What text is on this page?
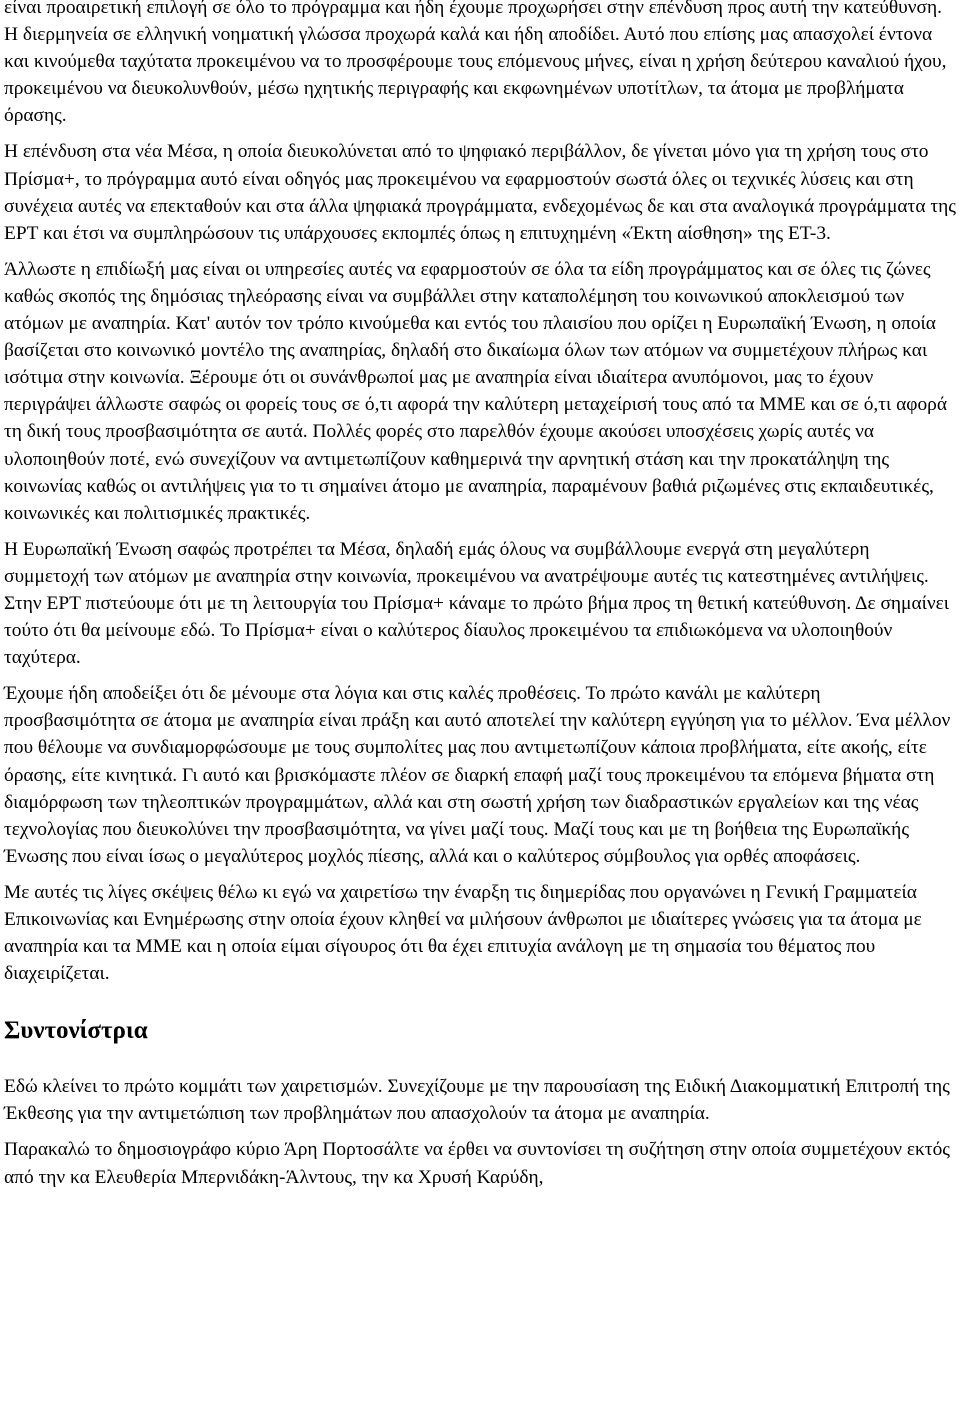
είναι προαιρετική επιλογή σε όλο το πρόγραμμα και ήδη έχουμε προχωρήσει στην επένδυση προς αυτή την κατεύθυνση. Η διερμηνεία σε ελληνική νοηματική γλώσσα προχωρά καλά και ήδη αποδίδει. Αυτό που επίσης μας απασχολεί έντονα και κινούμεθα ταχύτατα προκειμένου να το προσφέρουμε τους επόμενους μήνες, είναι η χρήση δεύτερου καναλιού ήχου, προκειμένου να διευκολυνθούν, μέσω ηχητικής περιγραφής και εκφωνημένων υποτίτλων, τα άτομα με προβλήματα όρασης.

Η επένδυση στα νέα Μέσα, η οποία διευκολύνεται από το ψηφιακό περιβάλλον, δε γίνεται μόνο για τη χρήση τους στο Πρίσμα+, το πρόγραμμα αυτό είναι οδηγός μας προκειμένου να εφαρμοστούν σωστά όλες οι τεχνικές λύσεις και στη συνέχεια αυτές να επεκταθούν και στα άλλα ψηφιακά προγράμματα, ενδεχομένως δε και στα αναλογικά προγράμματα της ΕΡΤ και έτσι να συμπληρώσουν τις υπάρχουσες εκπομπές όπως η επιτυχημένη «Έκτη αίσθηση» της ΕΤ-3.

Άλλωστε η επιδίωξή μας είναι οι υπηρεσίες αυτές να εφαρμοστούν σε όλα τα είδη προγράμματος και σε όλες τις ζώνες καθώς σκοπός της δημόσιας τηλεόρασης είναι να συμβάλλει στην καταπολέμηση του κοινωνικού αποκλεισμού των ατόμων με αναπηρία. Κατ' αυτόν τον τρόπο κινούμεθα και εντός του πλαισίου που ορίζει η Ευρωπαϊκή Ένωση, η οποία βασίζεται στο κοινωνικό μοντέλο της αναπηρίας, δηλαδή στο δικαίωμα όλων των ατόμων να συμμετέχουν πλήρως και ισότιμα στην κοινωνία. Ξέρουμε ότι οι συνάνθρωποί μας με αναπηρία είναι ιδιαίτερα ανυπόμονοι, μας το έχουν περιγράψει άλλωστε σαφώς οι φορείς τους σε ό,τι αφορά την καλύτερη μεταχείρισή τους από τα ΜΜΕ και σε ό,τι αφορά τη δική τους προσβασιμότητα σε αυτά. Πολλές φορές στο παρελθόν έχουμε ακούσει υποσχέσεις χωρίς αυτές να υλοποιηθούν ποτέ, ενώ συνεχίζουν να αντιμετωπίζουν καθημερινά την αρνητική στάση και την προκατάληψη της κοινωνίας καθώς οι αντιλήψεις για το τι σημαίνει άτομο με αναπηρία, παραμένουν βαθιά ριζωμένες στις εκπαιδευτικές, κοινωνικές και πολιτισμικές πρακτικές.

Η Ευρωπαϊκή Ένωση σαφώς προτρέπει τα Μέσα, δηλαδή εμάς όλους να συμβάλλουμε ενεργά στη μεγαλύτερη συμμετοχή των ατόμων με αναπηρία στην κοινωνία, προκειμένου να ανατρέψουμε αυτές τις κατεστημένες αντιλήψεις. Στην ΕΡΤ πιστεύουμε ότι με τη λειτουργία του Πρίσμα+ κάναμε το πρώτο βήμα προς τη θετική κατεύθυνση. Δε σημαίνει τούτο ότι θα μείνουμε εδώ. Το Πρίσμα+ είναι ο καλύτερος δίαυλος προκειμένου τα επιδιωκόμενα να υλοποιηθούν ταχύτερα.

Έχουμε ήδη αποδείξει ότι δε μένουμε στα λόγια και στις καλές προθέσεις. Το πρώτο κανάλι με καλύτερη προσβασιμότητα σε άτομα με αναπηρία είναι πράξη και αυτό αποτελεί την καλύτερη εγγύηση για το μέλλον. Ένα μέλλον που θέλουμε να συνδιαμορφώσουμε με τους συμπολίτες μας που αντιμετωπίζουν κάποια προβλήματα, είτε ακοής, είτε όρασης, είτε κινητικά. Γι αυτό και βρισκόμαστε πλέον σε διαρκή επαφή μαζί τους προκειμένου τα επόμενα βήματα στη διαμόρφωση των τηλεοπτικών προγραμμάτων, αλλά και στη σωστή χρήση των διαδραστικών εργαλείων και της νέας τεχνολογίας που διευκολύνει την προσβασιμότητα, να γίνει μαζί τους. Μαζί τους και με τη βοήθεια της Ευρωπαϊκής Ένωσης που είναι ίσως ο μεγαλύτερος μοχλός πίεσης, αλλά και ο καλύτερος σύμβουλος για ορθές αποφάσεις.

Με αυτές τις λίγες σκέψεις θέλω κι εγώ να χαιρετίσω την έναρξη τις διημερίδας που οργανώνει η Γενική Γραμματεία Επικοινωνίας και Ενημέρωσης στην οποία έχουν κληθεί να μιλήσουν άνθρωποι με ιδιαίτερες γνώσεις για τα άτομα με αναπηρία και τα ΜΜΕ και η οποία είμαι σίγουρος ότι θα έχει επιτυχία ανάλογη με τη σημασία του θέματος που διαχειρίζεται.

Συντονίστρια

Εδώ κλείνει το πρώτο κομμάτι των χαιρετισμών. Συνεχίζουμε με την παρουσίαση της Ειδική Διακομματική Επιτροπή της Έκθεσης για την αντιμετώπιση των προβλημάτων που απασχολούν τα άτομα με αναπηρία.

Παρακαλώ το δημοσιογράφο κύριο Άρη Πορτοσάλτε να έρθει να συντονίσει τη συζήτηση στην οποία συμμετέχουν εκτός από την κα Ελευθερία Μπερνιδάκη-Άλντους, την κα Χρυσή Καρύδη,
